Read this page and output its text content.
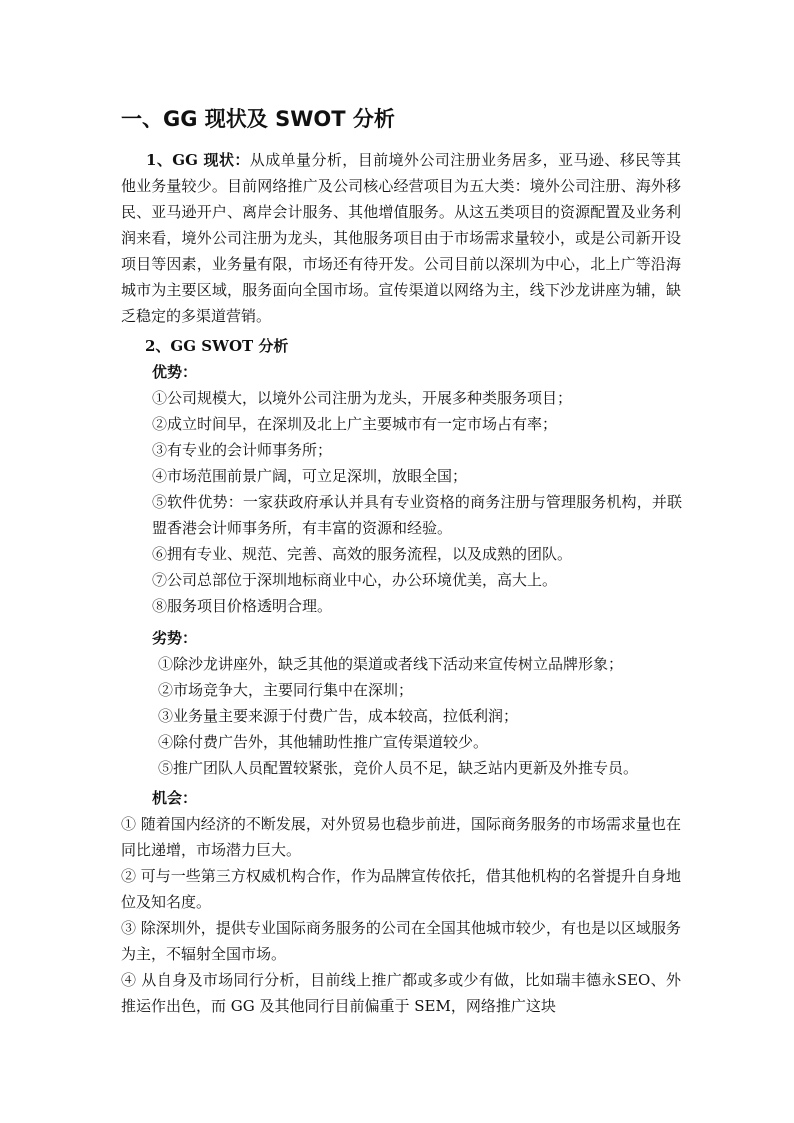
一、GG 现状及 SWOT 分析

1、GG 现状：从成单量分析，目前境外公司注册业务居多，亚马逊、移民等其他业务量较少。目前网络推广及公司核心经营项目为五大类：境外公司注册、海外移民、亚马逊开户、离岸会计服务、其他增值服务。从这五类项目的资源配置及业务利润来看，境外公司注册为龙头，其他服务项目由于市场需求量较小，或是公司新开设项目等因素，业务量有限，市场还有待开发。公司目前以深圳为中心，北上广等沿海城市为主要区域，服务面向全国市场。宣传渠道以网络为主，线下沙龙讲座为辅，缺乏稳定的多渠道营销。

2、GG SWOT 分析
优势：
①公司规模大，以境外公司注册为龙头，开展多种类服务项目；
②成立时间早，在深圳及北上广主要城市有一定市场占有率；
③有专业的会计师事务所；
④市场范围前景广阔，可立足深圳，放眼全国；
⑤软件优势：一家获政府承认并具有专业资格的商务注册与管理服务机构，并联盟香港会计师事务所，有丰富的资源和经验。
⑥拥有专业、规范、完善、高效的服务流程，以及成熟的团队。
⑦公司总部位于深圳地标商业中心，办公环境优美，高大上。
⑧服务项目价格透明合理。
劣势：
①除沙龙讲座外，缺乏其他的渠道或者线下活动来宣传树立品牌形象；
②市场竞争大，主要同行集中在深圳；
③业务量主要来源于付费广告，成本较高，拉低利润；
④除付费广告外，其他辅助性推广宣传渠道较少。
⑤推广团队人员配置较紧张，竞价人员不足，缺乏站内更新及外推专员。
机会：
① 随着国内经济的不断发展，对外贸易也稳步前进，国际商务服务的市场需求量也在同比递增，市场潜力巨大。
② 可与一些第三方权威机构合作，作为品牌宣传依托，借其他机构的名誉提升自身地位及知名度。
③ 除深圳外，提供专业国际商务服务的公司在全国其他城市较少，有也是以区域服务为主，不辐射全国市场。
④ 从自身及市场同行分析，目前线上推广都或多或少有做，比如瑞丰德永SEO、外推运作出色，而 GG 及其他同行目前偏重于 SEM，网络推广这块
